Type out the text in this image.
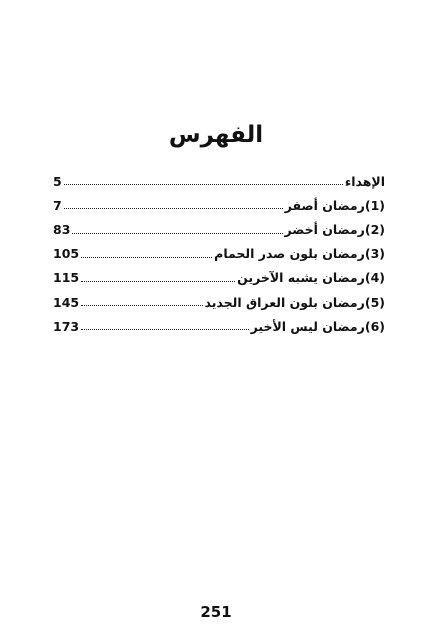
الفهرس
الإهداء
5
(1)رمضان أصفر
7
(2)رمضان أخضر
83
(3)رمضان بلون صدر الحمام
105
(4)رمضان يشبه الآخرين
115
(5)رمضان بلون العراق الجديد
145
(6)رمضان ليس الأخير
173
251
